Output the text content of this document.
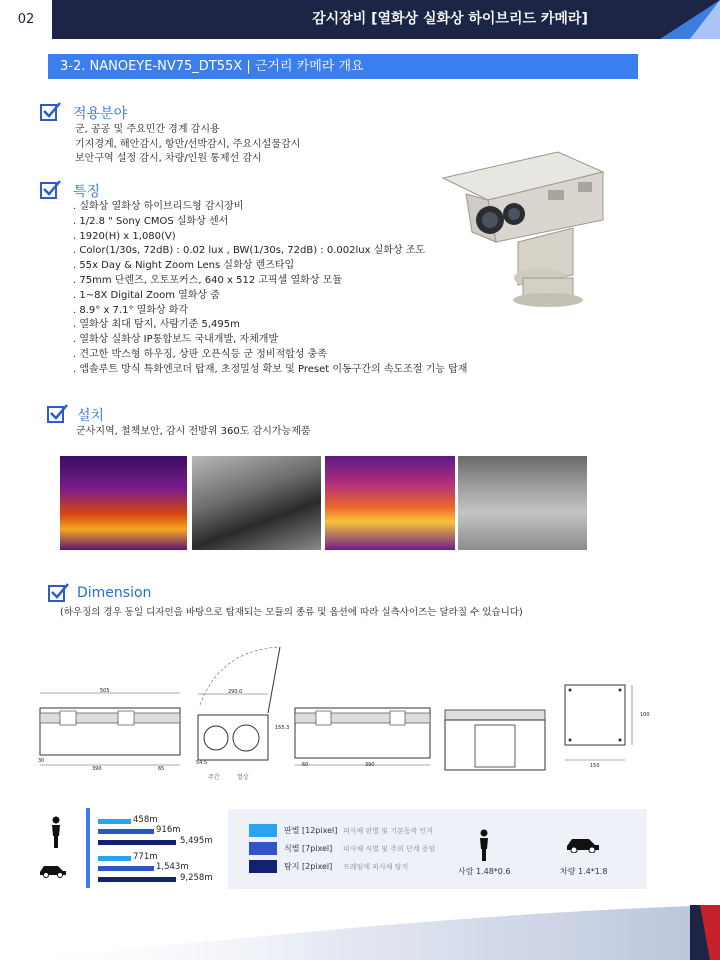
02	감시장비 [열화상 실화상 하이브리드 카메라]
3-2. NANOEYE-NV75_DT55X | 근거리 카메라 개요
적용분야
군, 공공 및 주요민간 경계 감시용
기지경계, 해안감시, 항만/선박감시, 주요시설물감시
보안구역 설정 감시, 차량/인원 통제선 감시
특징
. 실화상 열화상 하이브리드형 감시장비
. 1/2.8 " Sony CMOS 실화상 센서
. 1920(H) x 1,080(V)
. Color(1/30s, 72dB) : 0.02 lux , BW(1/30s, 72dB) : 0.002lux 실화상 조도
. 55x Day & Night Zoom Lens 실화상 렌즈타입
. 75mm 단렌즈, 오토포커스, 640 x 512 고픽셀 열화상 모듈
. 1~8X Digital Zoom 열화상 줌
. 8.9° x 7.1° 열화상 화각
. 열화상 최대 탐지, 사람기준 5,495m
. 열화상 실화상 IP통합보드 국내개발, 자체개발
. 견고한 박스형 하우징, 상판 오픈식등 군 정비적합성 충족
. 앱솔루트 방식 특화엔코더 탑재, 초정밀성 확보 및 Preset 이동구간의 속도조절 기능 탑재
설치
군사지역, 철책보안, 감시 전방위 360도 감시가능제품
Dimension
(하우징의 경우 동일 디자인을 바탕으로 탑재되는 모듈의 종류 및 옵션에 따라 실측사이즈는 달라질 수 있습니다)
505
30
390	65
290.0
155.3
54.5
주간	열상
60	390	150
100
458m
916m
5,495m
771m
1,543m
9,258m
판별 [12pixel] 피사체 판별 및 기본동작 인지
식별 [7pixel] 피사체 식별 및 주의 단계 증임
탐지 [2pixel] 프레임에 피사체 탐지	사람 1.48*0.6	차량 1.4*1.8
